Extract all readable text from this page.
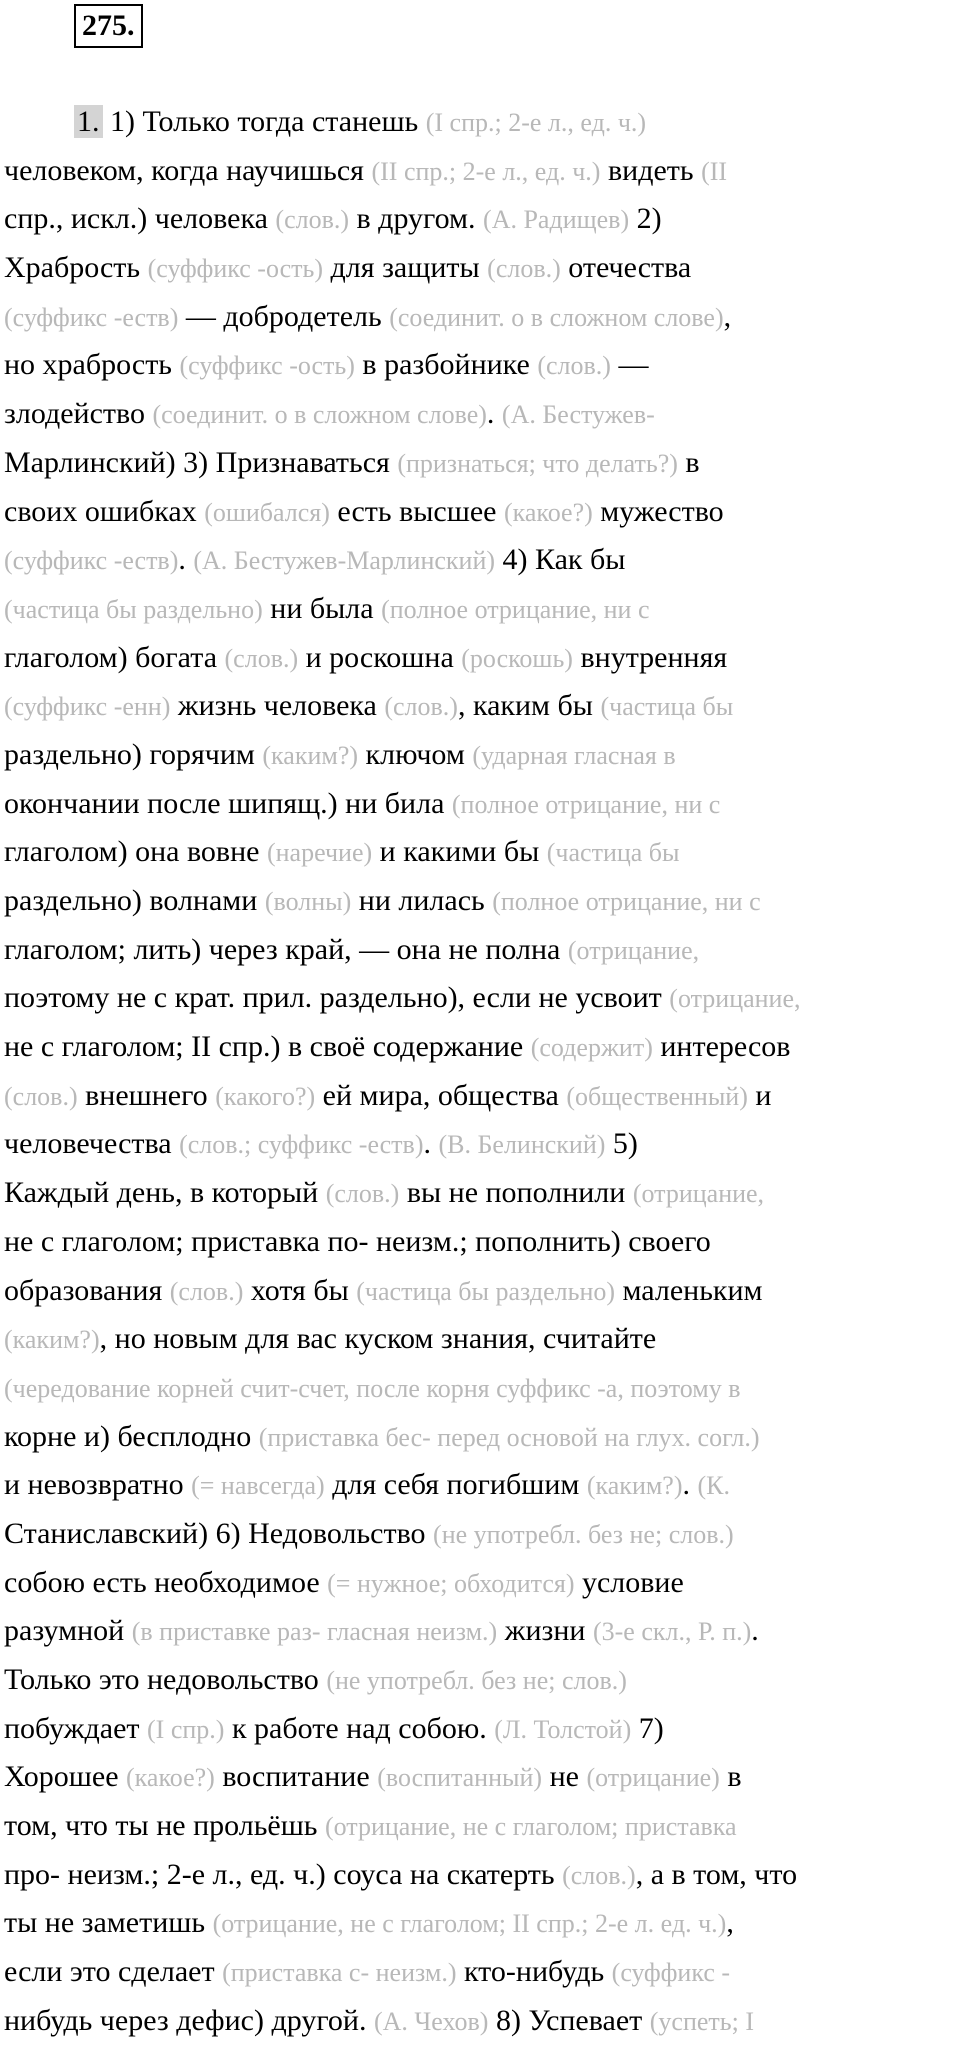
275.
1. 1) Только тогда станешь (I спр.; 2-е л., ед. ч.)
человеком, когда научишься (II спр.; 2-е л., ед. ч.) видеть (II
спр., искл.) человека (слов.) в другом. (А. Радищев) 2)
Храбрость (суффикс -ость) для защиты (слов.) отечества
(суффикс -еств) — добродетель (соединит. о в сложном слове),
но храбрость (суффикс -ость) в разбойнике (слов.) —
злодейство (соединит. о в сложном слове). (А. Бестужев-
Марлинский) 3) Признаваться (признаться; что делать?) в
своих ошибках (ошибался) есть высшее (какое?) мужество
(суффикс -еств). (А. Бестужев-Марлинский) 4) Как бы
(частица бы раздельно) ни была (полное отрицание, ни с
глаголом) богата (слов.) и роскошна (роскошь) внутренняя
(суффикс -енн) жизнь человека (слов.), каким бы (частица бы
раздельно) горячим (каким?) ключом (ударная гласная в
окончании после шипящ.) ни била (полное отрицание, ни с
глаголом) она вовне (наречие) и какими бы (частица бы
раздельно) волнами (волны) ни лилась (полное отрицание, ни с
глаголом; лить) через край, — она не полна (отрицание,
поэтому не с крат. прил. раздельно), если не усвоит (отрицание,
не с глаголом; II спр.) в своё содержание (содержит) интересов
(слов.) внешнего (какого?) ей мира, общества (общественный) и
человечества (слов.; суффикс -еств). (В. Белинский) 5)
Каждый день, в который (слов.) вы не пополнили (отрицание,
не с глаголом; приставка по- неизм.; пополнить) своего
образования (слов.) хотя бы (частица бы раздельно) маленьким
(каким?), но новым для вас куском знания, считайте
(чередование корней счит-счет, после корня суффикс -а, поэтому в
корне и) бесплодно (приставка бес- перед основой на глух. согл.)
и невозвратно (= навсегда) для себя погибшим (каким?). (К.
Станиславский) 6) Недовольство (не употребл. без не; слов.)
собою есть необходимое (= нужное; обходится) условие
разумной (в приставке раз- гласная неизм.) жизни (3-е скл., Р. п.).
Только это недовольство (не употребл. без не; слов.)
побуждает (I спр.) к работе над собою. (Л. Толстой) 7)
Хорошее (какое?) воспитание (воспитанный) не (отрицание) в
том, что ты не прольёшь (отрицание, не с глаголом; приставка
про- неизм.; 2-е л., ед. ч.) соуса на скатерть (слов.), а в том, что
ты не заметишь (отрицание, не с глаголом; II спр.; 2-е л. ед. ч.),
если это сделает (приставка с- неизм.) кто-нибудь (суффикс -
нибудь через дефис) другой. (А. Чехов) 8) Успевает (успеть; I
